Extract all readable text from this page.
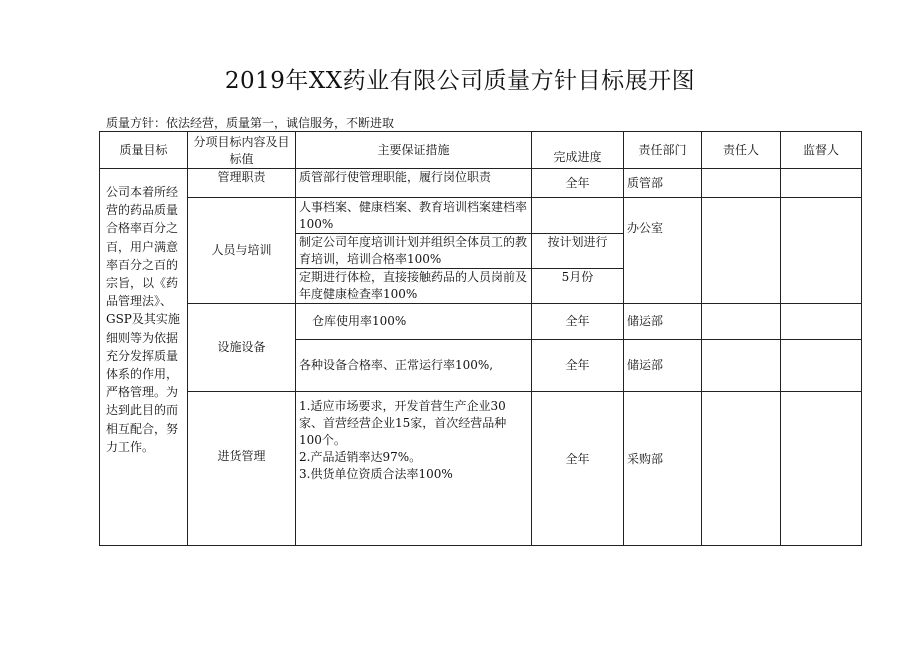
2019年XX药业有限公司质量方针目标展开图
质量方针：依法经营，质量第一，诚信服务，不断进取
质量目标	分项目标内容及目标值	主要保证措施	完成进度	责任部门	责任人	监督人
公司本着所经营的药品质量合格率百分之百，用户满意率百分之百的宗旨，以《药品管理法》、GSP及其实施细则等为依据充分发挥质量体系的作用，严格管理。为达到此目的而相互配合，努力工作。	管理职责	质管部行使管理职能，履行岗位职责	全年	质管部		
	人员与培训	人事档案、健康档案、教育培训档案建档率100%		办公室		
		制定公司年度培训计划并组织全体员工的教育培训，培训合格率100%	按计划进行			
		定期进行体检，直接接触药品的人员岗前及年度健康检查率100%	5月份			
	设施设备	仓库使用率100%	全年	储运部		
		各种设备合格率、正常运行率100%,	全年	储运部		
	进货管理	1.适应市场要求，开发首营生产企业30家、首营经营企业15家，首次经营品种100个。
2.产品适销率达97%。
3.供货单位资质合法率100%	全年	采购部		
